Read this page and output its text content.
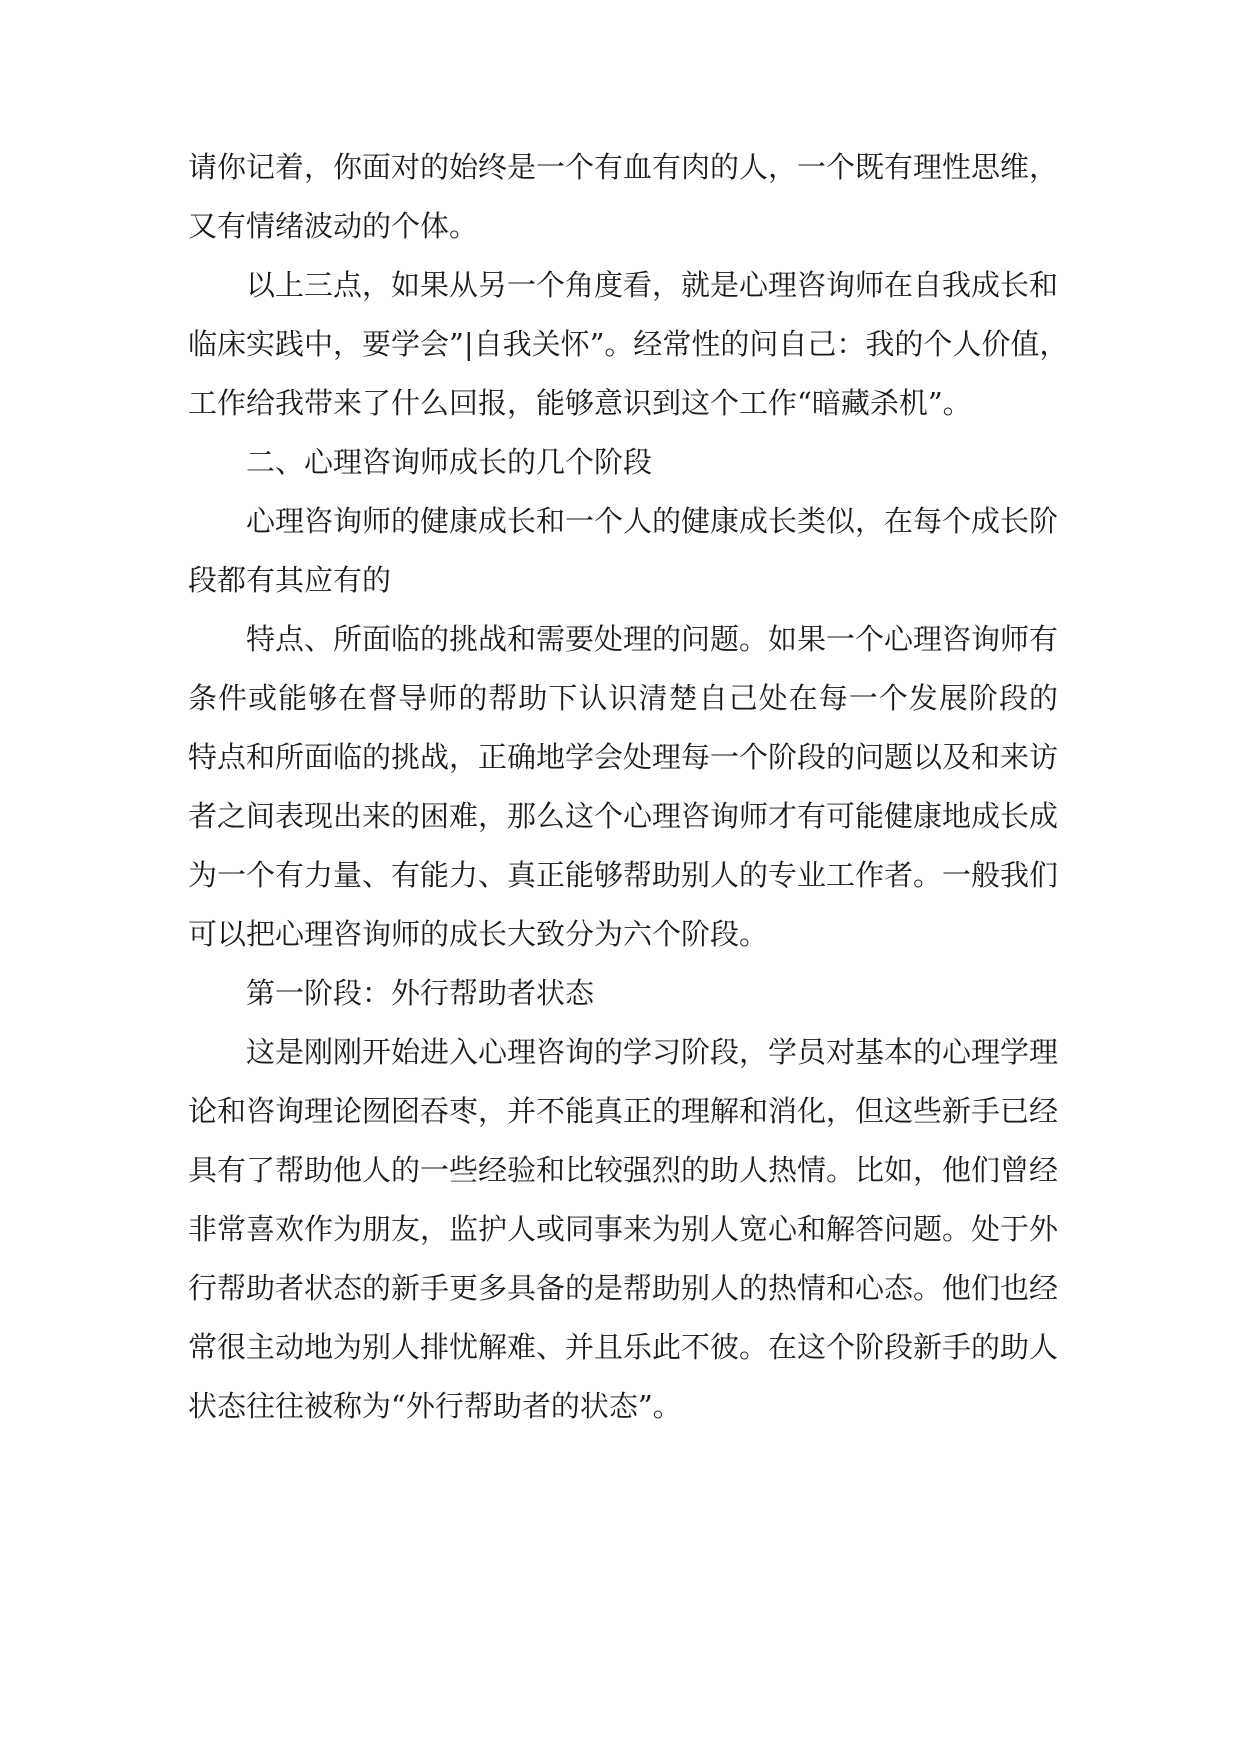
请你记着，你面对的始终是一个有血有肉的人，一个既有理性思维，
又有情绪波动的个体。
以上三点，如果从另一个角度看，就是心理咨询师在自我成长和
临床实践中，要学会”|自我关怀”。经常性的问自己：我的个人价值，
工作给我带来了什么回报，能够意识到这个工作“暗藏杀机”。
二、心理咨询师成长的几个阶段
心理咨询师的健康成长和一个人的健康成长类似，在每个成长阶
段都有其应有的
特点、所面临的挑战和需要处理的问题。如果一个心理咨询师有
条件或能够在督导师的帮助下认识清楚自己处在每一个发展阶段的
特点和所面临的挑战，正确地学会处理每一个阶段的问题以及和来访
者之间表现出来的困难，那么这个心理咨询师才有可能健康地成长成
为一个有力量、有能力、真正能够帮助别人的专业工作者。一般我们
可以把心理咨询师的成长大致分为六个阶段。
第一阶段：外行帮助者状态
这是刚刚开始进入心理咨询的学习阶段，学员对基本的心理学理
论和咨询理论囫囵吞枣，并不能真正的理解和消化，但这些新手已经
具有了帮助他人的一些经验和比较强烈的助人热情。比如，他们曾经
非常喜欢作为朋友，监护人或同事来为别人宽心和解答问题。处于外
行帮助者状态的新手更多具备的是帮助别人的热情和心态。他们也经
常很主动地为别人排忧解难、并且乐此不彼。在这个阶段新手的助人
状态往往被称为“外行帮助者的状态”。
